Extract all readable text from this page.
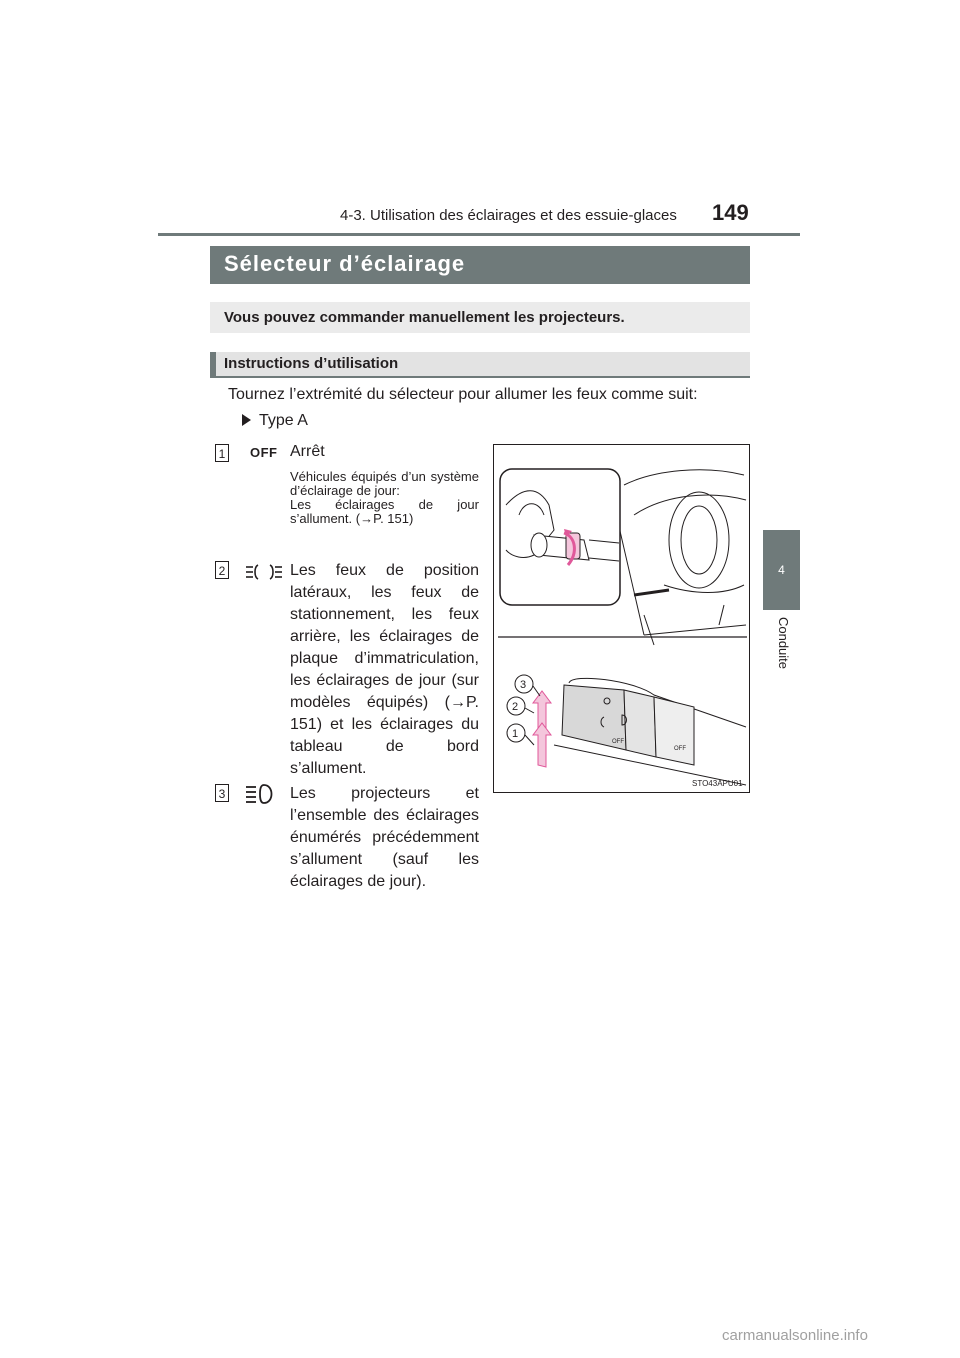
4-3. Utilisation des éclairages et des essuie-glaces 149
4
Conduite
Sélecteur d’éclairage
Vous pouvez commander manuellement les projecteurs.
Instructions d’utilisation
Tournez l’extrémité du sélecteur pour allumer les feux comme suit:
Type A
1 OFF Arrêt
Véhicules équipés d’un système d’éclairage de jour:
Les éclairages de jour s’allument. (→P. 151)
2	Les feux de position latéraux, les feux de stationnement, les feux arrière, les éclairages de plaque d’immatriculation, les éclairages de jour (sur modèles équipés) (→P. 151) et les éclairages du tableau de bord s’allument.
3	Les projecteurs et l’ensemble des éclairages énumérés précédemment s’allument (sauf les éclairages de jour).
OFF
OFF
3
2
1
STO43APU01
carmanualsonline.info
